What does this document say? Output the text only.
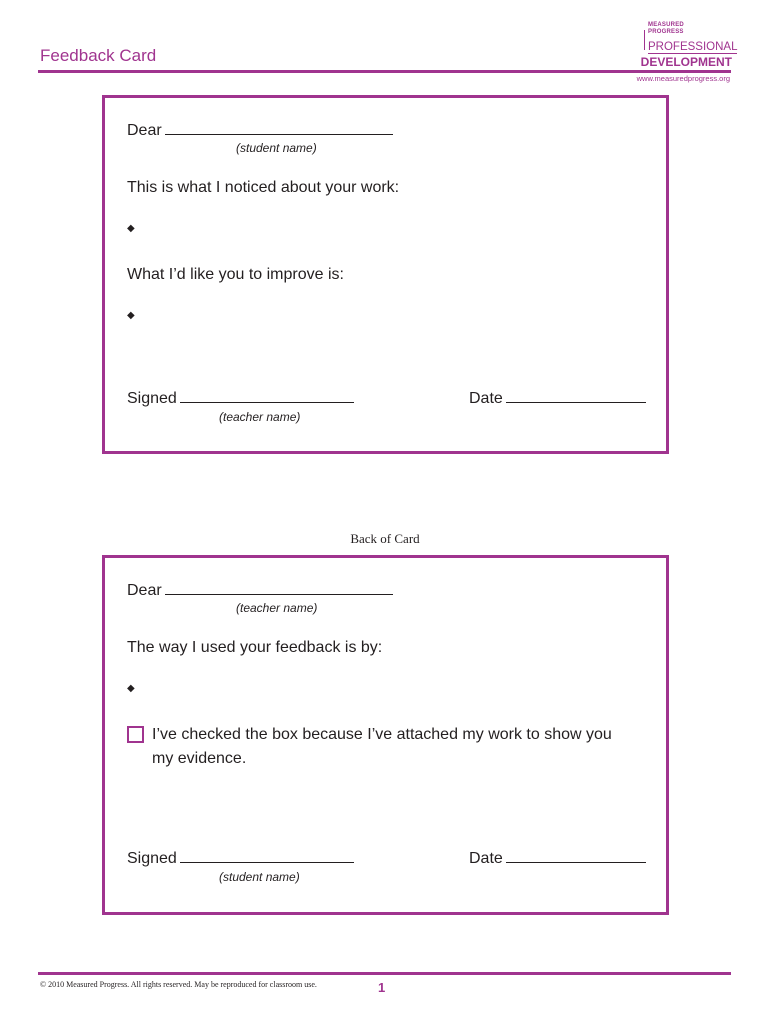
Feedback Card
MEASURED
PROGRESS
PROFESSIONAL
DEVELOPMENT
www.measuredprogress.org
Dear
(student name)
This is what I noticed about your work:
◆
What I’d like you to improve is:
◆
Signed
(teacher name)
Date
Back of Card
Dear
(teacher name)
The way I used your feedback is by:
◆
I’ve checked the box because I’ve attached my work to show you
my evidence.
Signed
(student name)
Date
© 2010 Measured Progress. All rights reserved. May be reproduced for classroom use.	1
